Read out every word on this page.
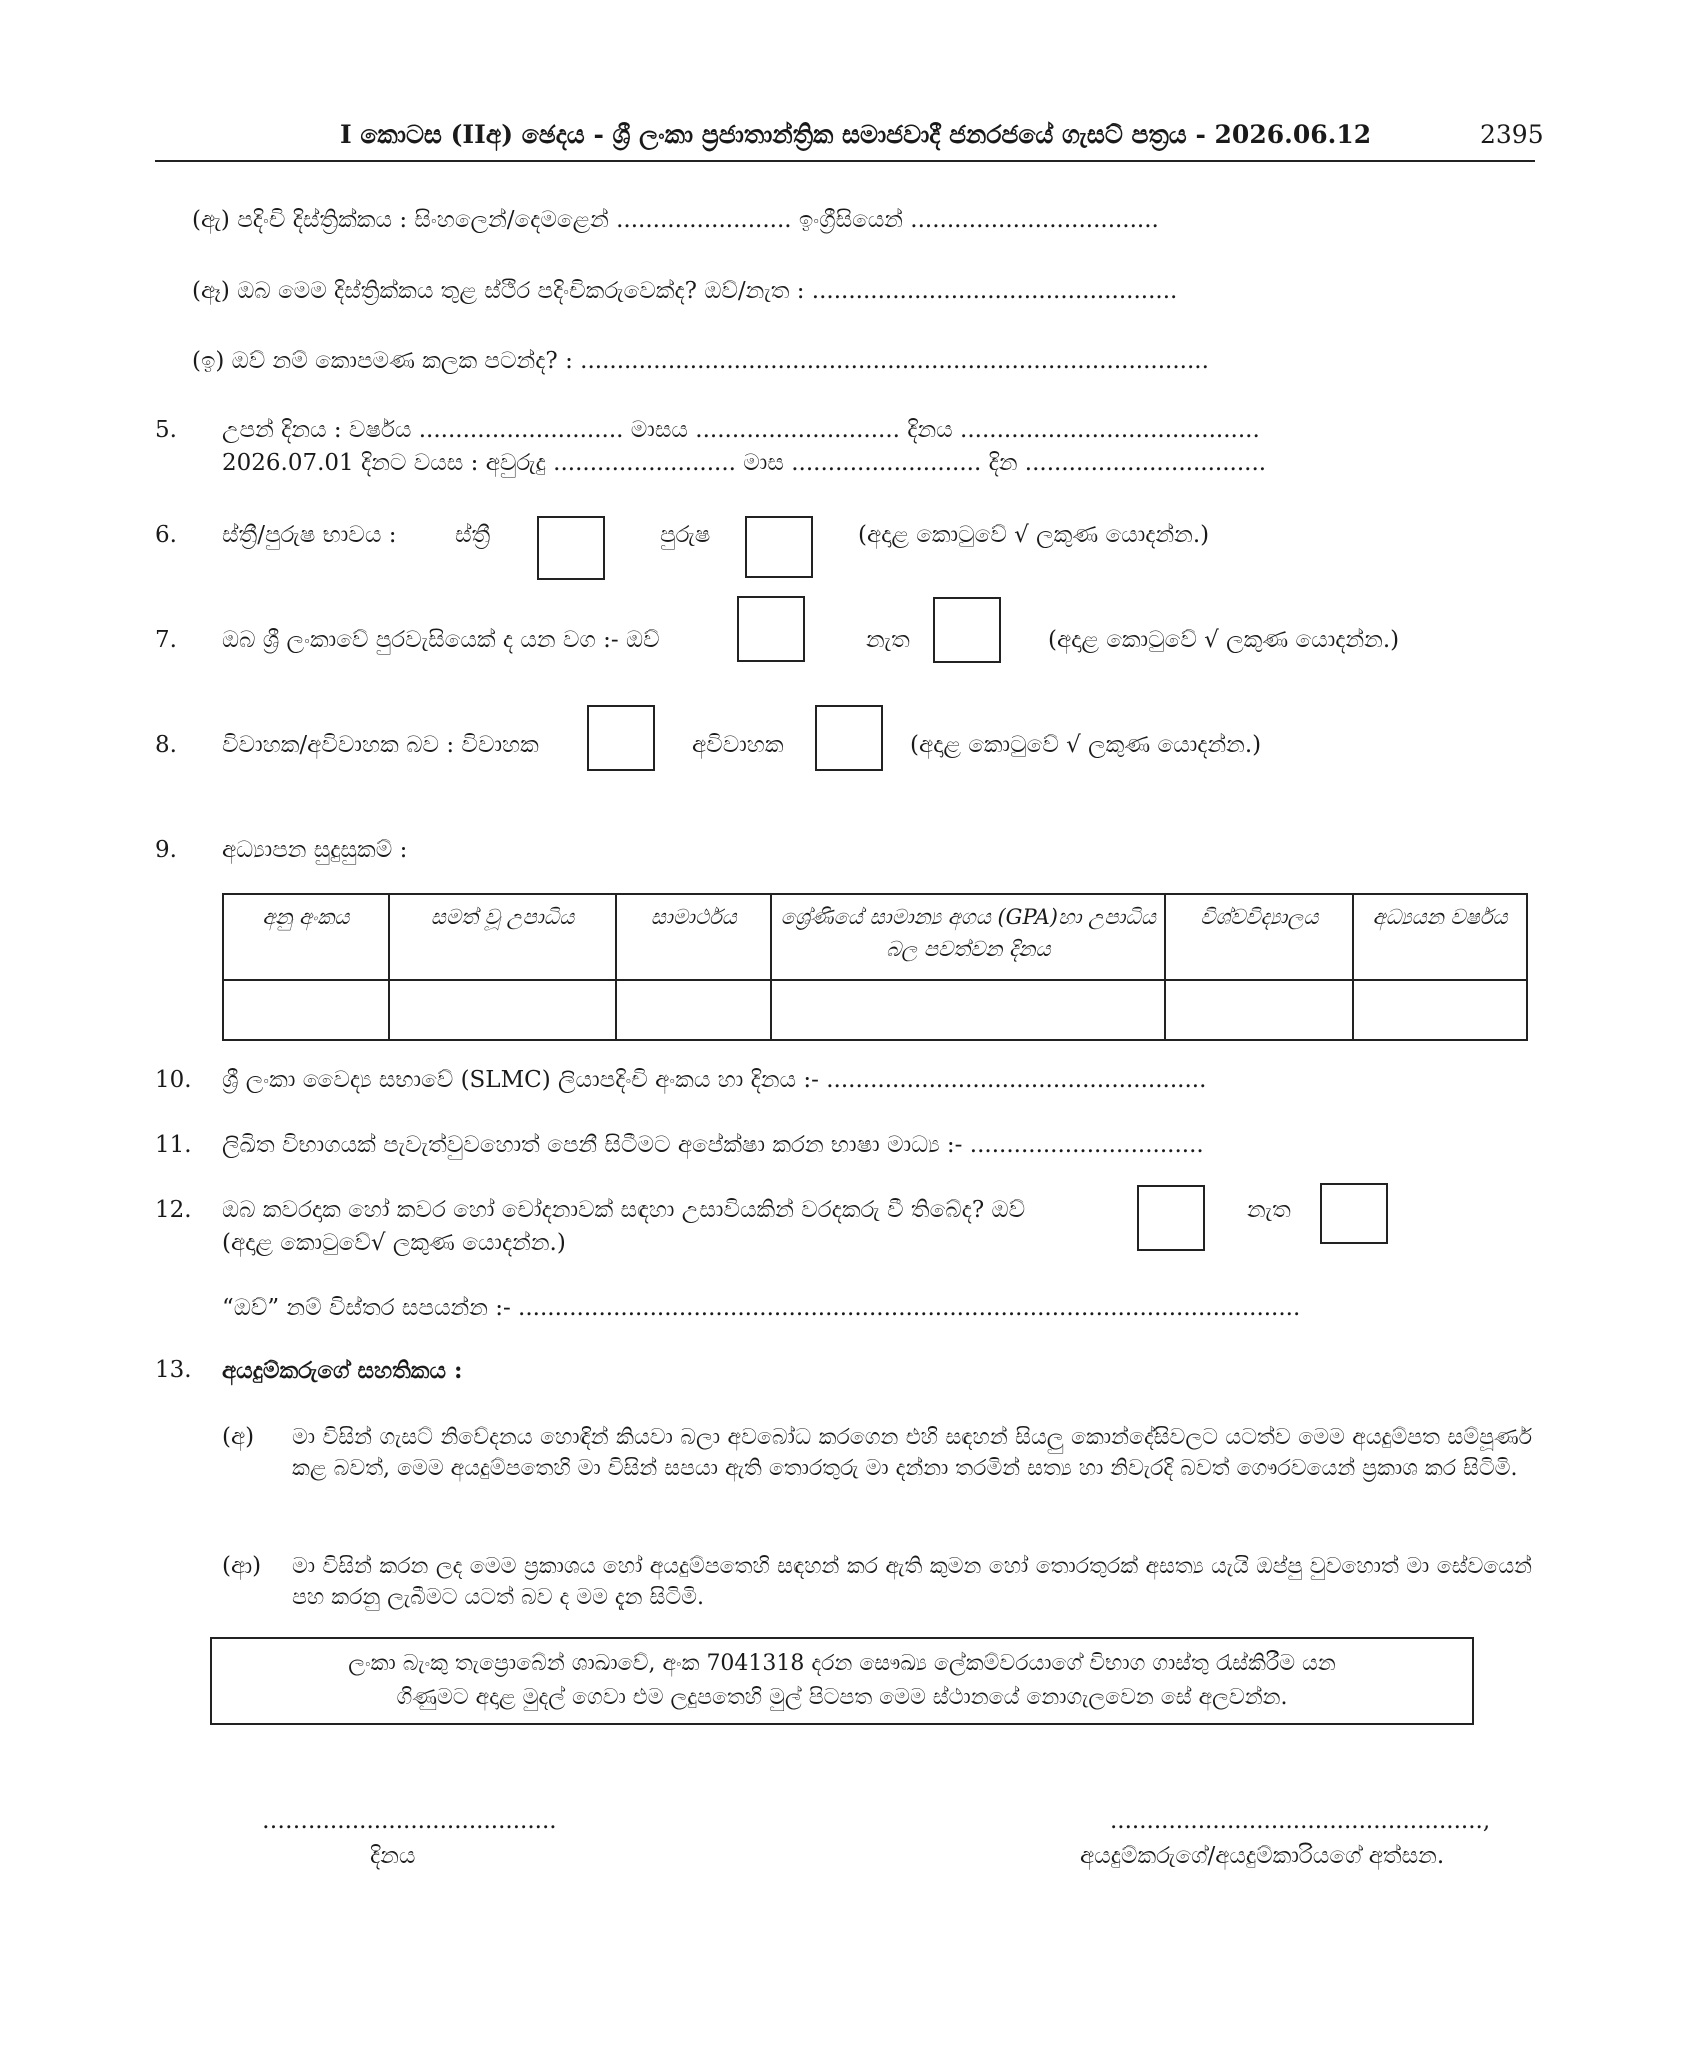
I කොටස (IIඅ) ඡෙදය - ශ්‍රී ලංකා ප්‍රජාතාන්ත්‍රික සමාජවාදී ජනරජයේ ගැසට් පත්‍රය - 2026.06.12	2395
(ඇ) පදිංචි දිස්ත්‍රික්කය : සිංහලෙන්/දෙමළෙන් ........................ ඉංග්‍රීසියෙන් ..................................
(ඈ) ඔබ මෙම දිස්ත්‍රික්කය තුළ ස්ථිර පදිංචිකරුවෙක්ද? ඔව්/නැත : ..................................................
(ඉ) ඔව් නම් කොපමණ කලක පටන්ද? : ......................................................................................
5. උපන් දිනය : වර්ෂය ............................ මාසය ............................ දිනය .........................................
2026.07.01 දිනට වයස : අවුරුදු ......................... මාස .......................... දින .................................
6. ස්ත්‍රී/පුරුෂ භාවය :	ස්ත්‍රී	පුරුෂ	(අදාළ කොටුවේ √ ලකුණ යොදන්න.)
7. ඔබ ශ්‍රී ලංකාවේ පුරවැසියෙක් ද යන වග :- ඔව්	නැත	(අදාළ කොටුවේ √ ලකුණ යොදන්න.)
8. විවාහක/අවිවාහක බව : විවාහක	අවිවාහක	(අදාළ කොටුවේ √ ලකුණ යොදන්න.)
9. අධ්‍යාපන සුදුසුකම් :
අනු අංකය	සමත් වූ උපාධිය	සාමාර්ථය	ශ්‍රේණියේ සාමාන්‍ය අගය (GPA)හා උපාධිය බල පවත්වන දිනය	විශ්වවිද්‍යාලය	අධ්‍යයන වර්ෂය

10. ශ්‍රී ලංකා වෛද්‍ය සභාවේ (SLMC) ලියාපදිංචි අංකය හා දිනය :- ....................................................
11. ලිඛිත විභාගයක් පැවැත්වුවහොත් පෙනී සිටීමට අපේක්ෂා කරන භාෂා මාධ්‍ය :- ................................
12. ඔබ කවරදාක හෝ කවර හෝ චෝදනාවක් සඳහා උසාවියකින් වරදකරු වී තිබේද? ඔව්
(අදාළ කොටුවේ√ ලකුණ යොදන්න.)
නැත
“ඔව්” නම් විස්තර සපයන්න :- ...........................................................................................................
13. අයදුම්කරුගේ සහතිකය :
(අ) මා විසින් ගැසට් නිවේදනය හොඳින් කියවා බලා අවබෝධ කරගෙන එහි සඳහන් සියලු කොන්දේසිවලට යටත්ව මෙම අයදුම්පත සම්පූර්ණ කළ බවත්, මෙම අයදුම්පතෙහි මා විසින් සපයා ඇති තොරතුරු මා දන්නා තරමින් සත්‍ය හා නිවැරදි බවත් ගෞරවයෙන් ප්‍රකාශ කර සිටිමි.
(ආ) මා විසින් කරන ලද මෙම ප්‍රකාශය හෝ අයදුම්පතෙහි සඳහන් කර ඇති කුමන හෝ තොරතුරක් අසත්‍ය යැයි ඔප්පු වුවහොත් මා සේවයෙන් පහ කරනු ලැබීමට යටත් බව ද මම දැන සිටිමි.
ලංකා බැංකු තැප්‍රොබේන් ශාඛාවේ, අංක 7041318 දරන සෞඛ්‍ය ලේකම්වරයාගේ විභාග ගාස්තු රැස්කිරීම යන
ගිණුමට අදාළ මුදල් ගෙවා එම ලදුපතෙහි මුල් පිටපත මෙම ස්ථානයේ නොගැලවෙන සේ අලවන්න.
……..................................
දිනය
...................................................,
අයදුම්කරුගේ/අයදුම්කාරියගේ අත්සන.
